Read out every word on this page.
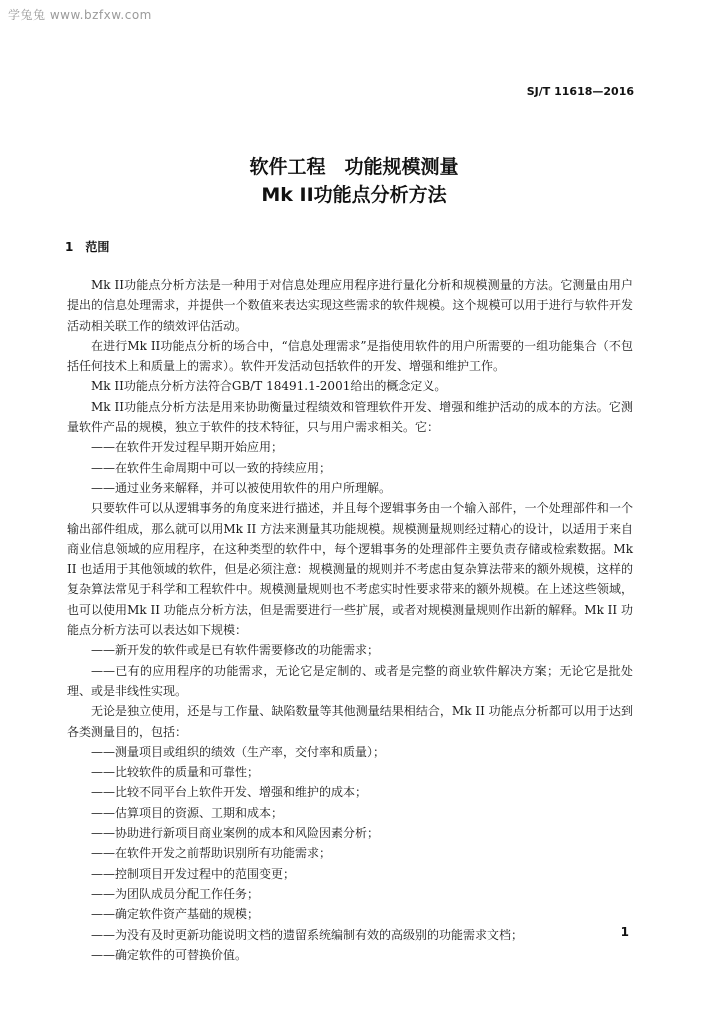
学兔兔 www.bzfxw.com
SJ/T 11618—2016
软件工程　功能规模测量
Mk II功能点分析方法
1　范围

Mk II功能点分析方法是一种用于对信息处理应用程序进行量化分析和规模测量的方法。它测量由用户提出的信息处理需求，并提供一个数值来表达实现这些需求的软件规模。这个规模可以用于进行与软件开发活动相关联工作的绩效评估活动。

在进行Mk II功能点分析的场合中，“信息处理需求”是指使用软件的用户所需要的一组功能集合（不包括任何技术上和质量上的需求）。软件开发活动包括软件的开发、增强和维护工作。

Mk II功能点分析方法符合GB/T 18491.1-2001给出的概念定义。

Mk II功能点分析方法是用来协助衡量过程绩效和管理软件开发、增强和维护活动的成本的方法。它测量软件产品的规模，独立于软件的技术特征，只与用户需求相关。它：

——在软件开发过程早期开始应用；
——在软件生命周期中可以一致的持续应用；
——通过业务来解释，并可以被使用软件的用户所理解。

只要软件可以从逻辑事务的角度来进行描述，并且每个逻辑事务由一个输入部件，一个处理部件和一个输出部件组成，那么就可以用Mk II 方法来测量其功能规模。规模测量规则经过精心的设计，以适用于来自商业信息领域的应用程序，在这种类型的软件中，每个逻辑事务的处理部件主要负责存储或检索数据。Mk II 也适用于其他领域的软件，但是必须注意：规模测量的规则并不考虑由复杂算法带来的额外规模，这样的复杂算法常见于科学和工程软件中。规模测量规则也不考虑实时性要求带来的额外规模。在上述这些领域，也可以使用Mk II 功能点分析方法，但是需要进行一些扩展，或者对规模测量规则作出新的解释。Mk II 功能点分析方法可以表达如下规模：

——新开发的软件或是已有软件需要修改的功能需求；
——已有的应用程序的功能需求，无论它是定制的、或者是完整的商业软件解决方案；无论它是批处理、或是非线性实现。

无论是独立使用，还是与工作量、缺陷数量等其他测量结果相结合，Mk II 功能点分析都可以用于达到各类测量目的，包括：

——测量项目或组织的绩效（生产率，交付率和质量）；
——比较软件的质量和可靠性；
——比较不同平台上软件开发、增强和维护的成本；
——估算项目的资源、工期和成本；
——协助进行新项目商业案例的成本和风险因素分析；
——在软件开发之前帮助识别所有功能需求；
——控制项目开发过程中的范围变更；
——为团队成员分配工作任务；
——确定软件资产基础的规模；
——为没有及时更新功能说明文档的遗留系统编制有效的高级别的功能需求文档；
——确定软件的可替换价值。
1
